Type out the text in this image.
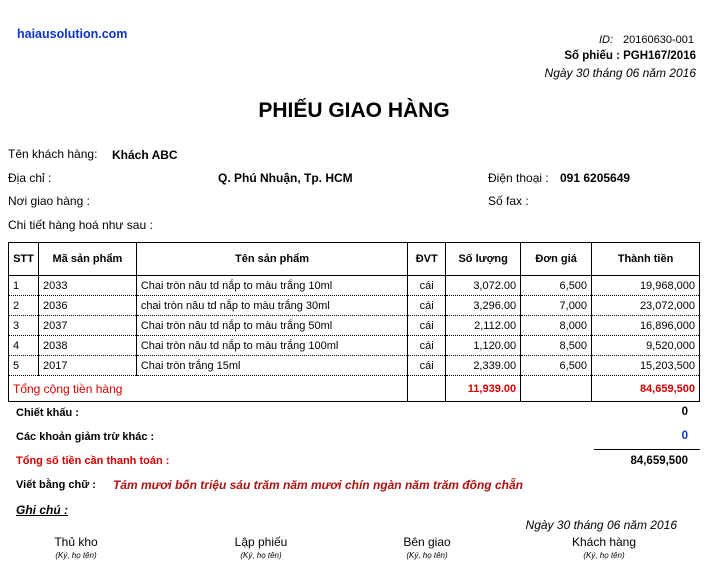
haiausolution.com	ID: 20160630-001
Số phiếu : PGH167/2016
Ngày 30 tháng 06 năm 2016
PHIẾU GIAO HÀNG
Tên khách hàng: Khách ABC
Địa chỉ :	Q. Phú Nhuận, Tp. HCM	Điện thoại : 091 6205649
Nơi giao hàng :	Số fax :
Chi tiết hàng hoá như sau :
STT	Mã sản phẩm	Tên sản phẩm	ĐVT	Số lượng	Đơn giá	Thành tiền
1	2033	Chai tròn nâu td nắp to màu trắng 10ml	cái	3,072.00	6,500	19,968,000
2	2036	chai tròn nâu td nắp to màu trắng 30ml	cái	3,296.00	7,000	23,072,000
3	2037	Chai tròn nâu td nắp to màu trắng 50ml	cái	2,112.00	8,000	16,896,000
4	2038	Chai tròn nâu td nắp to màu trắng 100ml	cái	1,120.00	8,500	9,520,000
5	2017	Chai tròn trắng 15ml	cái	2,339.00	6,500	15,203,500
Tổng cộng tiền hàng				11,939.00		84,659,500
Chiết khấu :	0
Các khoản giảm trừ khác :	0
Tổng số tiền cần thanh toán :	84,659,500
Viết bằng chữ : Tám mươi bốn triệu sáu trăm năm mươi chín ngàn năm trăm đồng chẵn
Ghi chú :
Ngày 30 tháng 06 năm 2016
Thủ kho
(Ký, họ tên)
Lập phiếu
(Ký, họ tên)
Bên giao
(Ký, họ tên)
Khách hàng
(Ký, họ tên)
